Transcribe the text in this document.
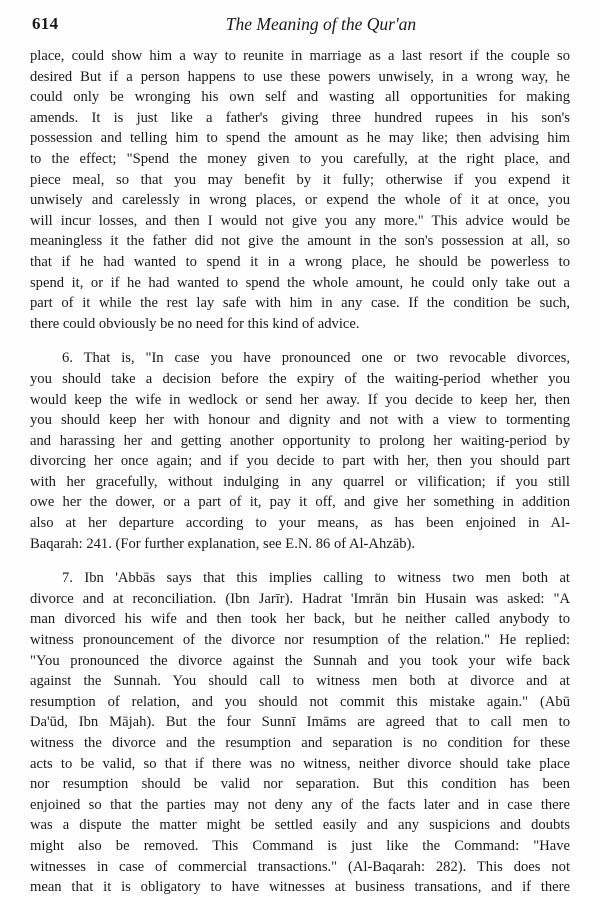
614	The Meaning of the Qur'an
place, could show him a way to reunite in marriage as a last resort if the couple so
desired But if a person happens to use these powers unwisely, in a wrong way, he
could only be wronging his own self and wasting all opportunities for making
amends. It is just like a father's giving three hundred rupees in his son's
possession and telling him to spend the amount as he may like; then advising him
to the effect; "Spend the money given to you carefully, at the right place, and
piece meal, so that you may benefit by it fully; otherwise if you expend it
unwisely and carelessly in wrong places, or expend the whole of it at once, you
will incur losses, and then I would not give you any more." This advice would be
meaningless it the father did not give the amount in the son's possession at all, so
that if he had wanted to spend it in a wrong place, he should be powerless to
spend it, or if he had wanted to spend the whole amount, he could only take out a
part of it while the rest lay safe with him in any case. If the condition be such,
there could obviously be no need for this kind of advice.
6. That is, "In case you have pronounced one or two revocable divorces,
you should take a decision before the expiry of the waiting-period whether you
would keep the wife in wedlock or send her away. If you decide to keep her, then
you should keep her with honour and dignity and not with a view to tormenting
and harassing her and getting another opportunity to prolong her waiting-period by
divorcing her once again; and if you decide to part with her, then you should part
with her gracefully, without indulging in any quarrel or vilification; if you still
owe her the dower, or a part of it, pay it off, and give her something in addition
also at her departure according to your means, as has been enjoined in Al-
Baqarah: 241. (For further explanation, see E.N. 86 of Al-Ahzāb).
7. Ibn 'Abbās says that this implies calling to witness two men both at
divorce and at reconciliation. (Ibn Jarīr). Hadrat 'Imrān bin Husain was asked: "A
man divorced his wife and then took her back, but he neither called anybody to
witness pronouncement of the divorce nor resumption of the relation." He replied:
"You pronounced the divorce against the Sunnah and you took your wife back
against the Sunnah. You should call to witness men both at divorce and at
resumption of relation, and you should not commit this mistake again." (Abū
Da'ūd, Ibn Mājah). But the four Sunnī Imāms are agreed that to call men to
witness the divorce and the resumption and separation is no condition for these
acts to be valid, so that if there was no witness, neither divorce should take place
nor resumption should be valid nor separation. But this condition has been
enjoined so that the parties may not deny any of the facts later and in case there
was a dispute the matter might be settled easily and any suspicions and doubts
might also be removed. This Command is just like the Command: "Have
witnesses in case of commercial transactions." (Al-Baqarah: 282). This does not
mean that it is obligatory to have witnesses at business transations, and if there
